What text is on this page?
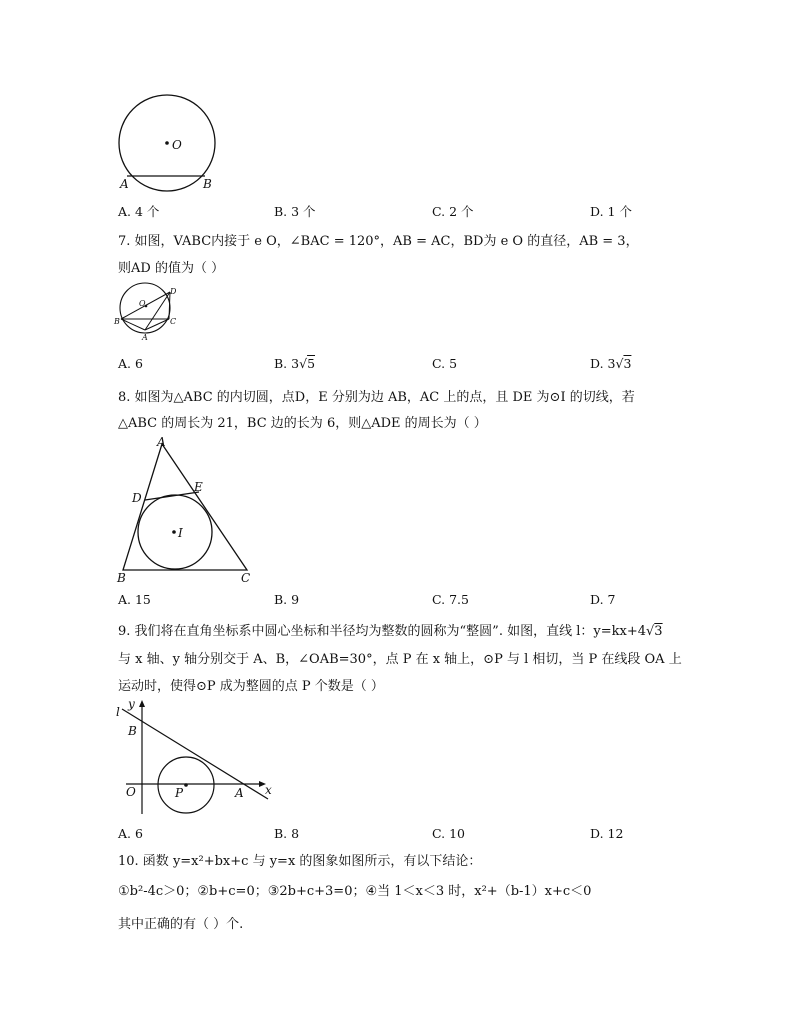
O
A	B
A. 4 个	B. 3 个	C. 2 个	D. 1 个
7. 如图，VABC内接于 e O，∠BAC = 120°，AB = AC，BD为 e O 的直径，AB = 3，
则AD 的值为（ ）
O
D
B	C
A
A. 6	B. 3√5	C. 5	D. 3√3
8. 如图为△ABC 的内切圆，点D，E 分别为边 AB，AC 上的点，且 DE 为⊙I 的切线，若
△ABC 的周长为 21，BC 边的长为 6，则△ADE 的周长为（ ）
A
D
E
I
B	C
A. 15	B. 9	C. 7.5	D. 7
9. 我们将在直角坐标系中圆心坐标和半径均为整数的圆称为“整圆”. 如图，直线 l：y=kx+4√3
与 x 轴、y 轴分别交于 A、B，∠OAB=30°，点 P 在 x 轴上，⊙P 与 l 相切，当 P 在线段 OA 上
运动时，使得⊙P 成为整圆的点 P 个数是（ ）
l
y
B
O	P	A x
A. 6	B. 8	C. 10	D. 12
10. 函数 y=x²+bx+c 与 y=x 的图象如图所示，有以下结论：
①b²-4c＞0；②b+c=0；③2b+c+3=0；④当 1＜x＜3 时，x²+（b-1）x+c＜0
其中正确的有（ ）个.
